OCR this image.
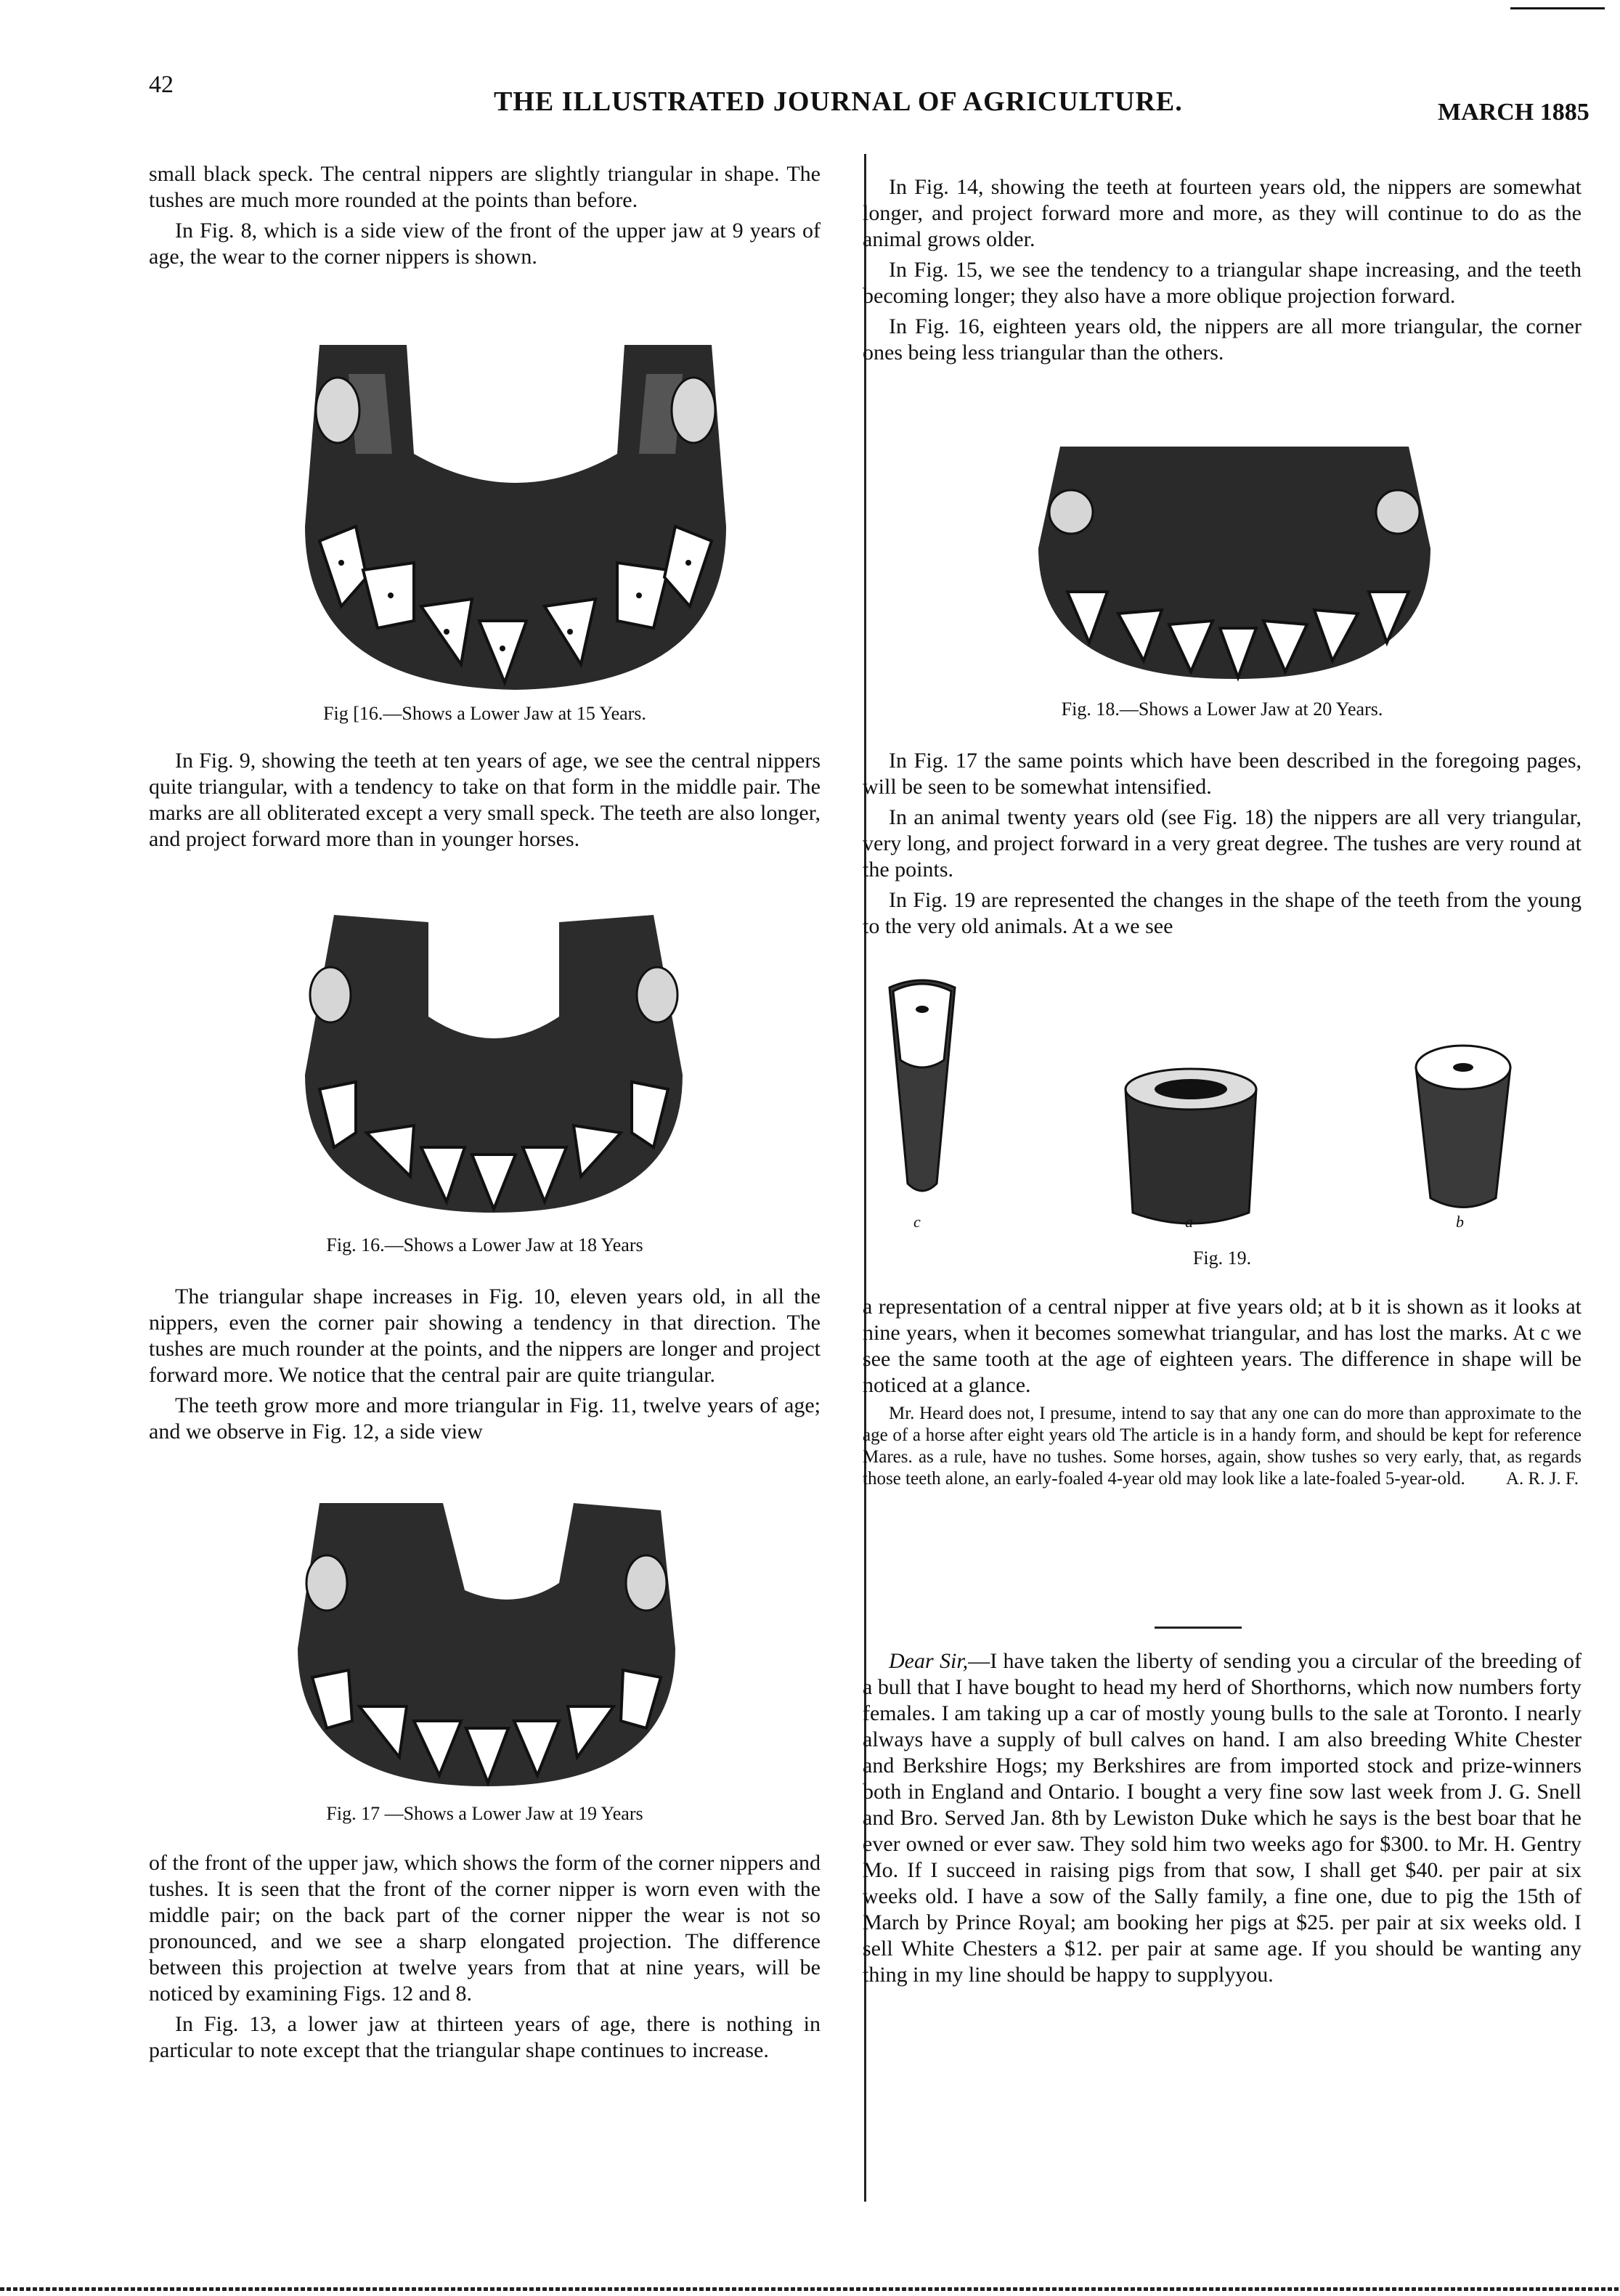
42
THE ILLUSTRATED JOURNAL OF AGRICULTURE.	MARCH 1885

small black speck. The central nippers are slightly triangular in shape. The tushes are much more rounded at the points than before.

In Fig. 8, which is a side view of the front of the upper jaw at 9 years of age, the wear to the corner nippers is shown.

Fig [16.—Shows a Lower Jaw at 15 Years.

In Fig. 9, showing the teeth at ten years of age, we see the central nippers quite triangular, with a tendency to take on that form in the middle pair. The marks are all obliterated except a very small speck. The teeth are also longer, and project forward more than in younger horses.

Fig. 16.—Shows a Lower Jaw at 18 Years

The triangular shape increases in Fig. 10, eleven years old, in all the nippers, even the corner pair showing a tendency in that direction. The tushes are much rounder at the points, and the nippers are longer and project forward more. We notice that the central pair are quite triangular.

The teeth grow more and more triangular in Fig. 11, twelve years of age; and we observe in Fig. 12, a side view

Fig. 17 —Shows a Lower Jaw at 19 Years

of the front of the upper jaw, which shows the form of the corner nippers and tushes. It is seen that the front of the corner nipper is worn even with the middle pair; on the back part of the corner nipper the wear is not so pronounced, and we see a sharp elongated projection. The difference between this projection at twelve years from that at nine years, will be noticed by examining Figs. 12 and 8.

In Fig. 13, a lower jaw at thirteen years of age, there is nothing in particular to note except that the triangular shape continues to increase.

In Fig. 14, showing the teeth at fourteen years old, the nippers are somewhat longer, and project forward more and more, as they will continue to do as the animal grows older.

In Fig. 15, we see the tendency to a triangular shape increasing, and the teeth becoming longer; they also have a more oblique projection forward.

In Fig. 16, eighteen years old, the nippers are all more triangular, the corner ones being less triangular than the others.

Fig. 18.—Shows a Lower Jaw at 20 Years.

In Fig. 17 the same points which have been described in the foregoing pages, will be seen to be somewhat intensified.

In an animal twenty years old (see Fig. 18) the nippers are all very triangular, very long, and project forward in a very great degree. The tushes are very round at the points.

In Fig. 19 are represented the changes in the shape of the teeth from the young to the very old animals. At a we see

c	a	b
Fig. 19.

a representation of a central nipper at five years old; at b it is shown as it looks at nine years, when it becomes somewhat triangular, and has lost the marks. At c we see the same tooth at the age of eighteen years. The difference in shape will be noticed at a glance.

Mr. Heard does not, I presume, intend to say that any one can do more than approximate to the age of a horse after eight years old The article is in a handy form, and should be kept for reference Mares. as a rule, have no tushes. Some horses, again, show tushes so very early, that, as regards those teeth alone, an early-foaled 4-year old may look like a late-foaled 5-year-old. A. R. J. F.

Dear Sir,—I have taken the liberty of sending you a circular of the breeding of a bull that I have bought to head my herd of Shorthorns, which now numbers forty females. I am taking up a car of mostly young bulls to the sale at Toronto. I nearly always have a supply of bull calves on hand. I am also breeding White Chester and Berkshire Hogs; my Berkshires are from imported stock and prize-winners both in England and Ontario. I bought a very fine sow last week from J. G. Snell and Bro. Served Jan. 8th by Lewiston Duke which he says is the best boar that he ever owned or ever saw. They sold him two weeks ago for $300. to Mr. H. Gentry Mo. If I succeed in raising pigs from that sow, I shall get $40. per pair at six weeks old. I have a sow of the Sally family, a fine one, due to pig the 15th of March by Prince Royal; am booking her pigs at $25. per pair at six weeks old. I sell White Chesters a $12. per pair at same age. If you should be wanting any thing in my line should be happy to supplyyou.
